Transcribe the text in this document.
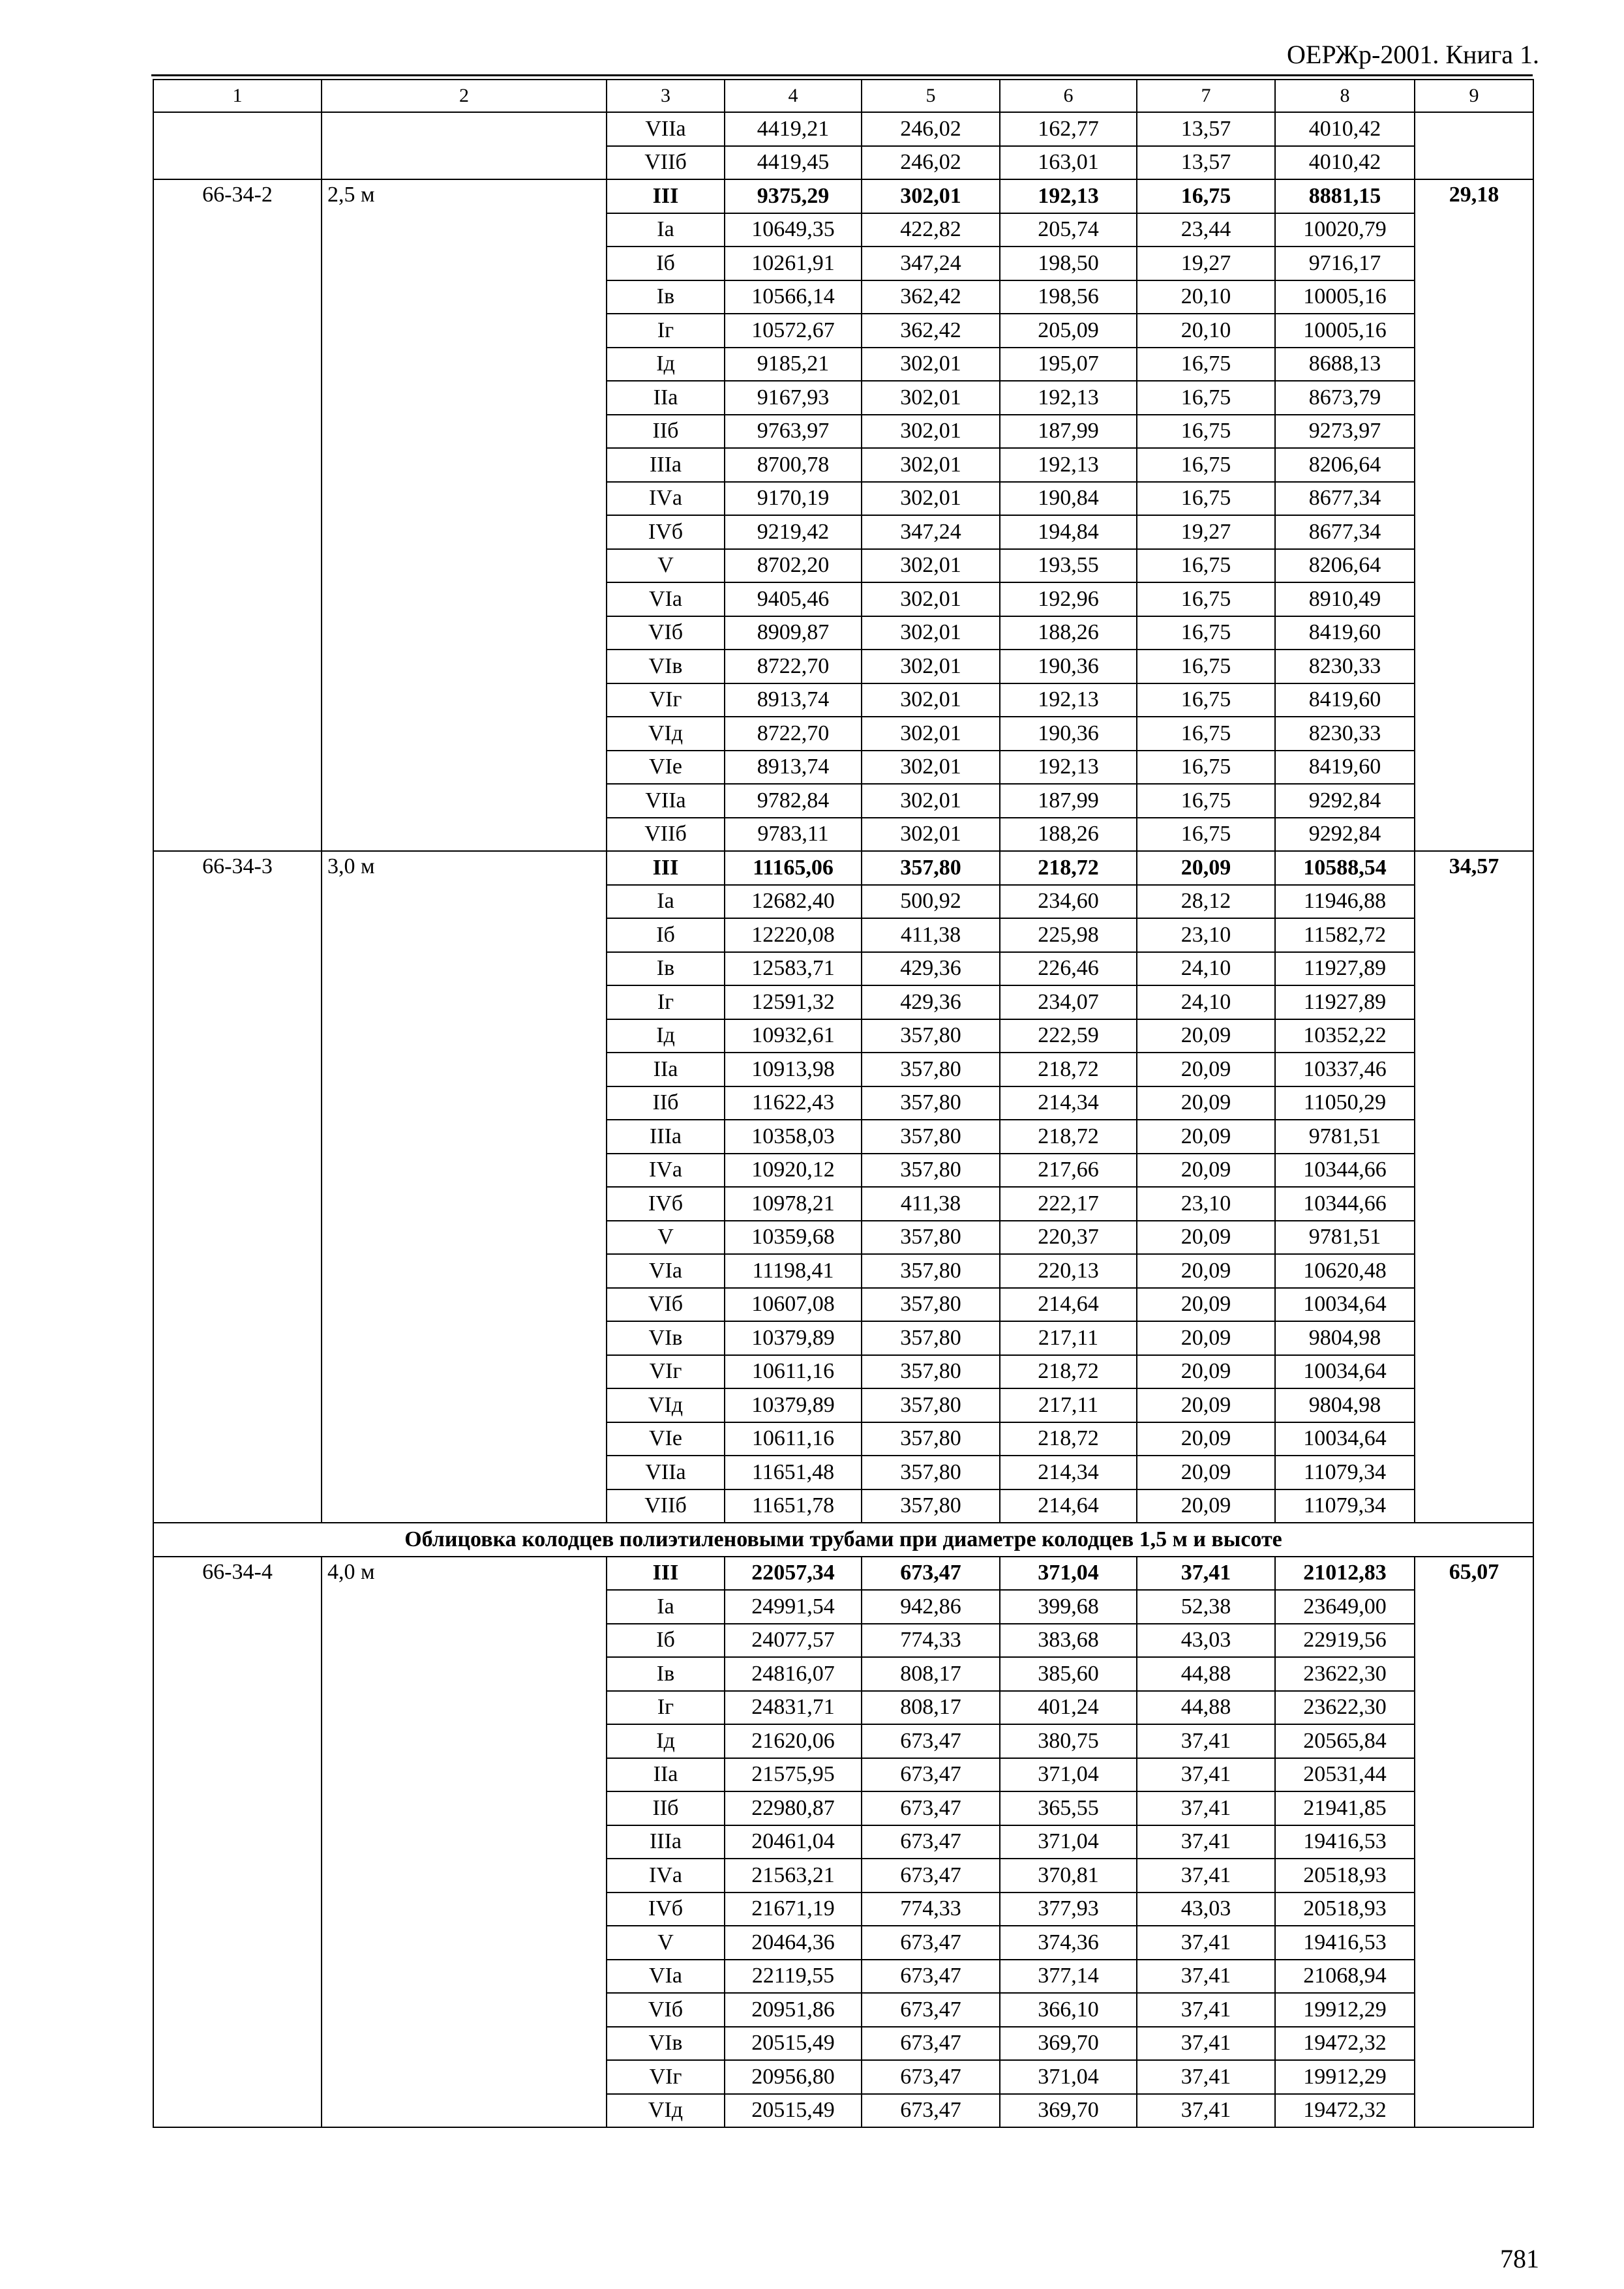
ОЕРЖр-2001. Книга 1.
1	2	3	4	5	6	7	8	9
		VIIа	4419,21	246,02	162,77	13,57	4010,42	
		VIIб	4419,45	246,02	163,01	13,57	4010,42	
66-34-2	2,5 м	III	9375,29	302,01	192,13	16,75	8881,15	29,18
		Iа	10649,35	422,82	205,74	23,44	10020,79	
		Iб	10261,91	347,24	198,50	19,27	9716,17	
		Iв	10566,14	362,42	198,56	20,10	10005,16	
		Iг	10572,67	362,42	205,09	20,10	10005,16	
		Iд	9185,21	302,01	195,07	16,75	8688,13	
		IIа	9167,93	302,01	192,13	16,75	8673,79	
		IIб	9763,97	302,01	187,99	16,75	9273,97	
		IIIа	8700,78	302,01	192,13	16,75	8206,64	
		IVа	9170,19	302,01	190,84	16,75	8677,34	
		IVб	9219,42	347,24	194,84	19,27	8677,34	
		V	8702,20	302,01	193,55	16,75	8206,64	
		VIа	9405,46	302,01	192,96	16,75	8910,49	
		VIб	8909,87	302,01	188,26	16,75	8419,60	
		VIв	8722,70	302,01	190,36	16,75	8230,33	
		VIг	8913,74	302,01	192,13	16,75	8419,60	
		VIд	8722,70	302,01	190,36	16,75	8230,33	
		VIе	8913,74	302,01	192,13	16,75	8419,60	
		VIIа	9782,84	302,01	187,99	16,75	9292,84	
		VIIб	9783,11	302,01	188,26	16,75	9292,84	
66-34-3	3,0 м	III	11165,06	357,80	218,72	20,09	10588,54	34,57
		Iа	12682,40	500,92	234,60	28,12	11946,88	
		Iб	12220,08	411,38	225,98	23,10	11582,72	
		Iв	12583,71	429,36	226,46	24,10	11927,89	
		Iг	12591,32	429,36	234,07	24,10	11927,89	
		Iд	10932,61	357,80	222,59	20,09	10352,22	
		IIа	10913,98	357,80	218,72	20,09	10337,46	
		IIб	11622,43	357,80	214,34	20,09	11050,29	
		IIIа	10358,03	357,80	218,72	20,09	9781,51	
		IVа	10920,12	357,80	217,66	20,09	10344,66	
		IVб	10978,21	411,38	222,17	23,10	10344,66	
		V	10359,68	357,80	220,37	20,09	9781,51	
		VIа	11198,41	357,80	220,13	20,09	10620,48	
		VIб	10607,08	357,80	214,64	20,09	10034,64	
		VIв	10379,89	357,80	217,11	20,09	9804,98	
		VIг	10611,16	357,80	218,72	20,09	10034,64	
		VIд	10379,89	357,80	217,11	20,09	9804,98	
		VIе	10611,16	357,80	218,72	20,09	10034,64	
		VIIа	11651,48	357,80	214,34	20,09	11079,34	
		VIIб	11651,78	357,80	214,64	20,09	11079,34	
Облицовка колодцев полиэтиленовыми трубами при диаметре колодцев 1,5 м и высоте								
66-34-4	4,0 м	III	22057,34	673,47	371,04	37,41	21012,83	65,07
		Iа	24991,54	942,86	399,68	52,38	23649,00	
		Iб	24077,57	774,33	383,68	43,03	22919,56	
		Iв	24816,07	808,17	385,60	44,88	23622,30	
		Iг	24831,71	808,17	401,24	44,88	23622,30	
		Iд	21620,06	673,47	380,75	37,41	20565,84	
		IIа	21575,95	673,47	371,04	37,41	20531,44	
		IIб	22980,87	673,47	365,55	37,41	21941,85	
		IIIа	20461,04	673,47	371,04	37,41	19416,53	
		IVа	21563,21	673,47	370,81	37,41	20518,93	
		IVб	21671,19	774,33	377,93	43,03	20518,93	
		V	20464,36	673,47	374,36	37,41	19416,53	
		VIа	22119,55	673,47	377,14	37,41	21068,94	
		VIб	20951,86	673,47	366,10	37,41	19912,29	
		VIв	20515,49	673,47	369,70	37,41	19472,32	
		VIг	20956,80	673,47	371,04	37,41	19912,29	
		VIд	20515,49	673,47	369,70	37,41	19472,32	
781
